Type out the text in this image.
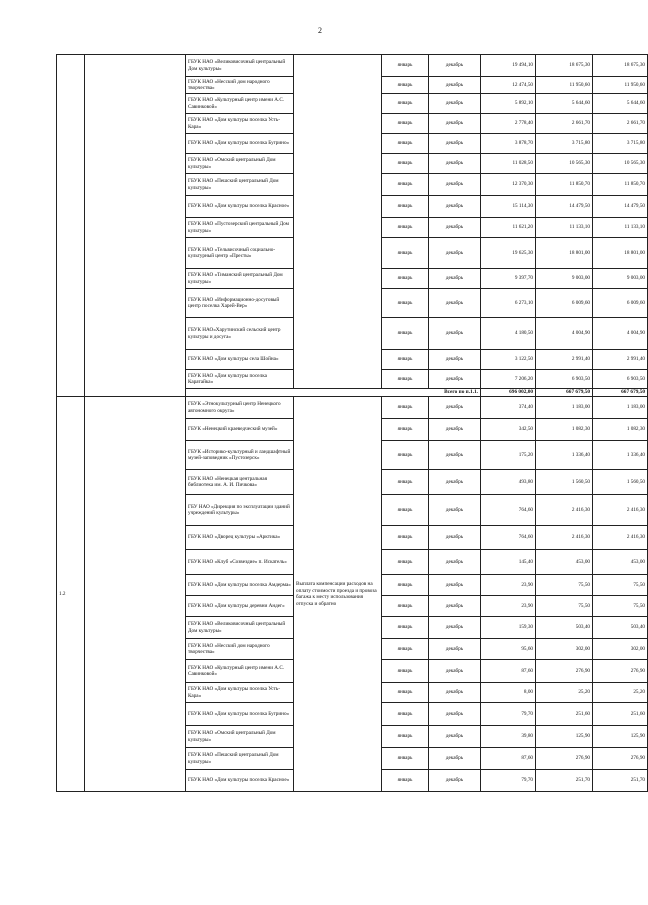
2
		ГБУК НАО «Великовисочный центральный Дом культуры»		январь	декабрь	19 494,10	18 675,30	18 675,30
		ГБУК НАО «Несский дом народного творчества»		январь	декабрь	12 474,50	11 950,60	11 950,60
		ГБУК НАО «Культурный центр имени А.С. Савинковой»		январь	декабрь	5 892,10	5 644,60	5 644,60
		ГБУК НАО «Дом культуры поселка Усть-Кара»		январь	декабрь	2 778,40	2 661,70	2 661,70
		ГБУК НАО «Дом культуры поселка Бугрино»		январь	декабрь	3 878,70	3 715,80	3 715,80
		ГБУК НАО «Омский центральный Дом культуры»		январь	декабрь	11 028,50	10 565,30	10 565,30
		ГБУК НАО «Пешский центральный Дом культуры»		январь	декабрь	12 370,30	11 850,70	11 850,70
		ГБУК НАО «Дом культуры поселка Красное»		январь	декабрь	15 114,30	14 479,50	14 479,50
		ГБУК НАО «Пустозерский центральный Дом культуры»		январь	декабрь	11 621,20	11 133,10	11 133,10
		ГБУК НАО «Тельвисочный социально-культурный центр «Престы»		январь	декабрь	19 625,30	18 801,00	18 801,00
		ГБУК НАО «Тиманский центральный Дом культуры»		январь	декабрь	9 397,70	9 003,00	9 003,00
		ГБУК НАО «Информационно-досуговый центр поселка Харей-Вер»		январь	декабрь	6 273,10	6 009,60	6 009,60
		ГБУК НАО«Харутинский сельский центр культуры и досуга»		январь	декабрь	4 180,50	4 004,90	4 004,90
		ГБУК НАО «Дом культуры села Шойна»		январь	декабрь	3 122,50	2 991,40	2 991,40
		ГБУК НАО «Дом культуры поселка Каратайка»		январь	декабрь	7 206,20	6 903,50	6 903,50
		Всего по п.1.1.				696 002,00	667 679,50	667 679,50
1.2		ГБУК «Этнокультурный центр Ненецкого автономного округа»	Выплата компенсации расходов на оплату стоимости проезда и провоза багажа к месту использования отпуска и обратно	январь	декабрь	374,40	1 183,00	1 183,00
		ГБУК «Ненецкий краеведческий музей»		январь	декабрь	342,50	1 082,30	1 082,30
		ГБУК «Историко-культурный и ландшафтный музей-заповедник «Пустозерск»		январь	декабрь	175,20	1 336,40	1 336,40
		ГБУК НАО «Ненецкая центральная библиотека им. А. И. Пичкова»		январь	декабрь	493,80	1 560,50	1 560,50
		ГБУ НАО «Дирекция по эксплуатации зданий учреждений культуры»		январь	декабрь	764,60	2 416,30	2 416,30
		ГБУК НАО «Дворец культуры «Арктика»		январь	декабрь	764,60	2 416,30	2 416,30
		ГБУК НАО «Клуб «Созвездие» п. Искатель»		январь	декабрь	145,40	453,00	453,00
		ГБУК НАО «Дом культуры поселка Амдерма»		январь	декабрь	23,90	75,50	75,50
		ГБУК НАО «Дом культуры деревни Андег»		январь	декабрь	23,90	75,50	75,50
		ГБУК НАО «Великовисочный центральный Дом культуры»		январь	декабрь	159,30	503,40	503,40
		ГБУК НАО «Несский дом народного творчества»		январь	декабрь	95,60	302,00	302,00
		ГБУК НАО «Культурный центр имени А.С. Савинковой»		январь	декабрь	87,60	276,90	276,90
		ГБУК НАО «Дом культуры поселка Усть-Кара»		январь	декабрь	8,00	25,20	25,20
		ГБУК НАО «Дом культуры поселка Бугрино»		январь	декабрь	79,70	251,60	251,60
		ГБУК НАО «Омский центральный Дом культуры»		январь	декабрь	39,80	125,90	125,90
		ГБУК НАО «Пешский центральный Дом культуры»		январь	декабрь	87,60	276,90	276,90
		ГБУК НАО «Дом культуры поселка Красное»		январь	декабрь	79,70	251,70	251,70
